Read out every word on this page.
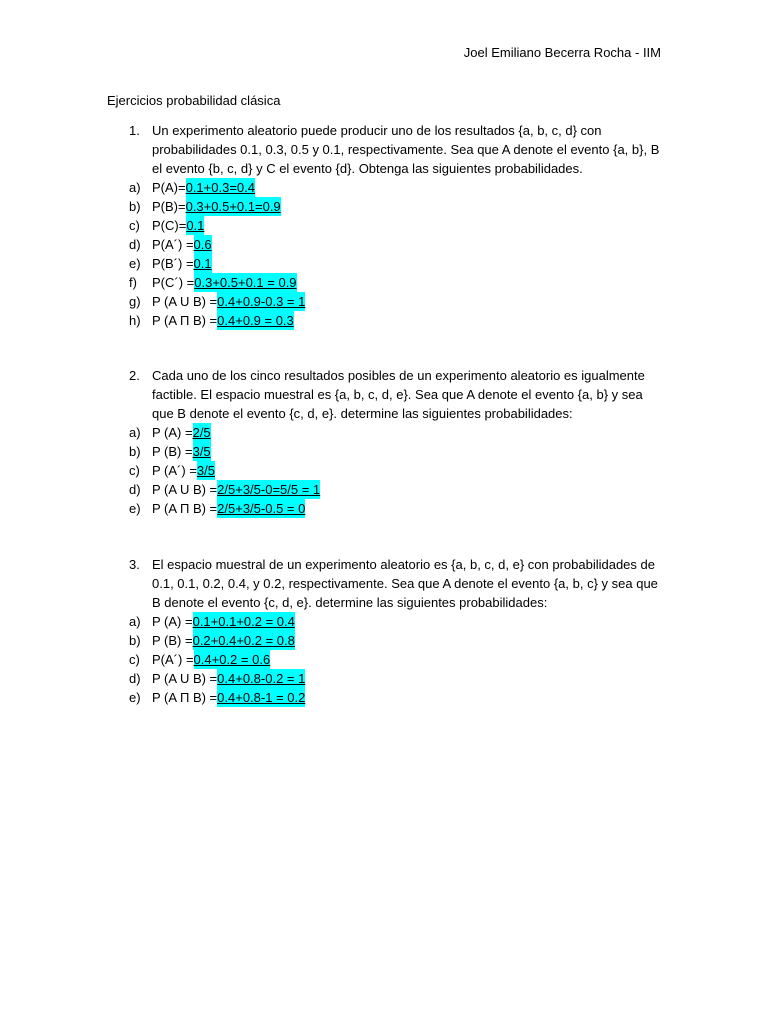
Joel Emiliano Becerra Rocha - IIM
Ejercicios probabilidad clásica
1. Un experimento aleatorio puede producir uno de los resultados {a, b, c, d} con probabilidades 0.1, 0.3, 0.5 y 0.1, respectivamente. Sea que A denote el evento {a, b}, B el evento {b, c, d} y C el evento {d}. Obtenga las siguientes probabilidades.
a) P(A)= 0.1+0.3=0.4
b) P(B)= 0.3+0.5+0.1=0.9
c) P(C)= 0.1
d) P(A´) = 0.6
e) P(B´) = 0.1
f)	P(C´) = 0.3+0.5+0.1 = 0.9
g) P (A U B) = 0.4+0.9-0.3 = 1
h) P (A Π B) = 0.4+0.9 = 0.3
2. Cada uno de los cinco resultados posibles de un experimento aleatorio es igualmente factible. El espacio muestral es {a, b, c, d, e}. Sea que A denote el evento {a, b} y sea que B denote el evento {c, d, e}. determine las siguientes probabilidades:
a) P (A) = 2/5
b) P (B) = 3/5
c) P (A´) = 3/5
d) P (A U B) = 2/5+3/5-0=5/5 = 1
e) P (A Π B) = 2/5+3/5-0.5 = 0
3. El espacio muestral de un experimento aleatorio es {a, b, c, d, e} con probabilidades de 0.1, 0.1, 0.2, 0.4, y 0.2, respectivamente. Sea que A denote el evento {a, b, c} y sea que B denote el evento {c, d, e}. determine las siguientes probabilidades:
a) P (A) = 0.1+0.1+0.2 = 0.4
b) P (B) = 0.2+0.4+0.2 = 0.8
c) P(A´) = 0.4+0.2 = 0.6
d) P (A U B) = 0.4+0.8-0.2 = 1
e) P (A Π B) = 0.4+0.8-1 = 0.2
